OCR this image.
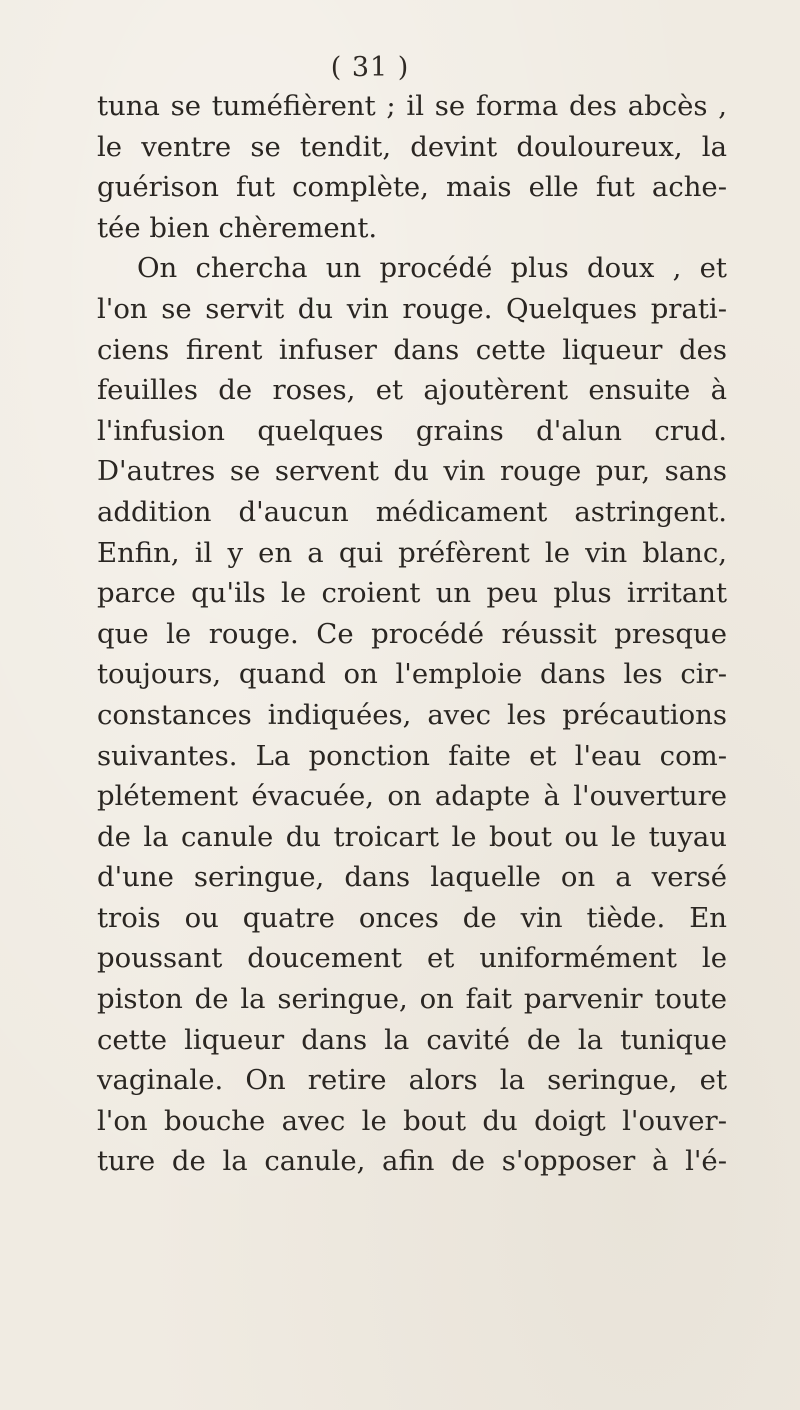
( 31 )
tuna se tuméfièrent ; il se forma des abcès ,
le ventre se tendit, devint douloureux, la
guérison fut complète, mais elle fut ache-
tée bien chèrement.
On chercha un procédé plus doux , et
l'on se servit du vin rouge. Quelques prati-
ciens firent infuser dans cette liqueur des
feuilles de roses, et ajoutèrent ensuite à
l'infusion quelques grains d'alun crud.
D'autres se servent du vin rouge pur, sans
addition d'aucun médicament astringent.
Enfin, il y en a qui préfèrent le vin blanc,
parce qu'ils le croient un peu plus irritant
que le rouge. Ce procédé réussit presque
toujours, quand on l'emploie dans les cir-
constances indiquées, avec les précautions
suivantes. La ponction faite et l'eau com-
plétement évacuée, on adapte à l'ouverture
de la canule du troicart le bout ou le tuyau
d'une seringue, dans laquelle on a versé
trois ou quatre onces de vin tiède. En
poussant doucement et uniformément le
piston de la seringue, on fait parvenir toute
cette liqueur dans la cavité de la tunique
vaginale. On retire alors la seringue, et
l'on bouche avec le bout du doigt l'ouver-
ture de la canule, afin de s'opposer à l'é-
